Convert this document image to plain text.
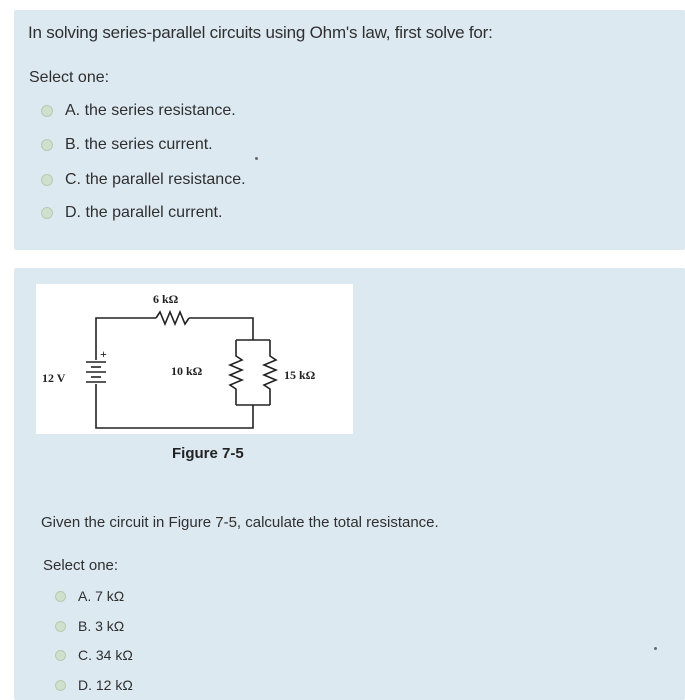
In solving series-parallel circuits using Ohm's law, first solve for:
Select one:
A. the series resistance.
B. the series current.
C. the parallel resistance.
D. the parallel current.
+
6 kΩ
10 kΩ	15 kΩ
12 V
Figure 7-5
Given the circuit in Figure 7-5, calculate the total resistance.
Select one:
A. 7 kΩ
B. 3 kΩ
C. 34 kΩ
D. 12 kΩ
